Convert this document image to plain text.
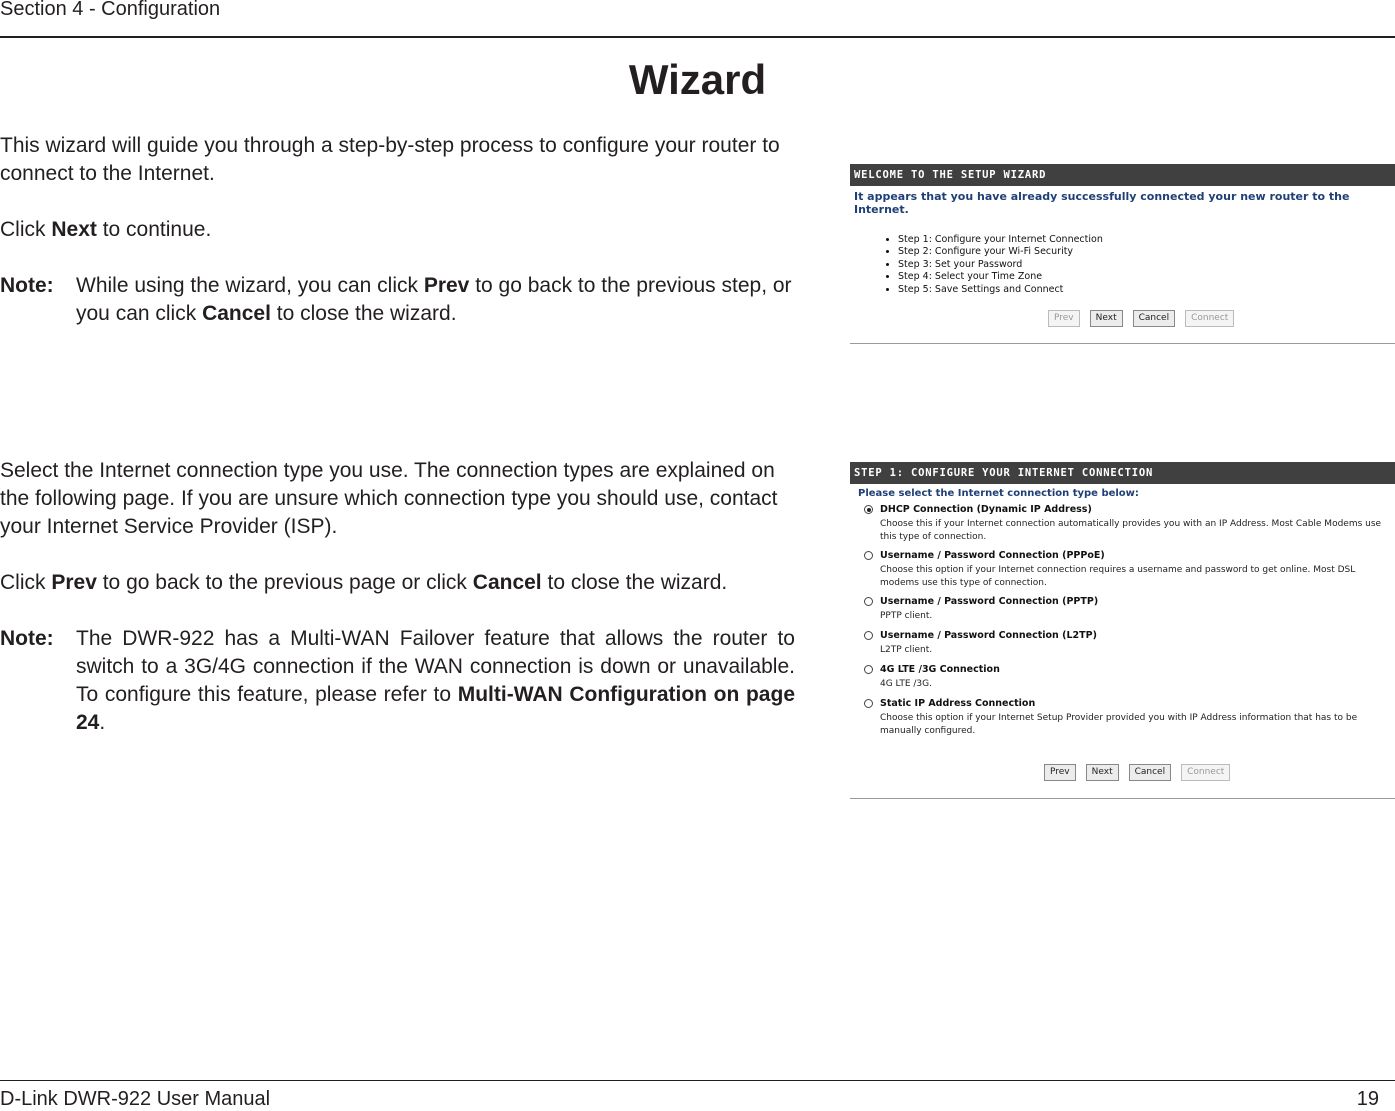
Section 4 - Configuration
Wizard
This wizard will guide you through a step-by-step process to configure your router to connect to the Internet.
Click Next to continue.
Note: While using the wizard, you can click Prev to go back to the previous step, or you can click Cancel to close the wizard.
WELCOME TO THE SETUP WIZARD
It appears that you have already successfully connected your new router to the Internet.
• Step 1: Configure your Internet Connection
• Step 2: Configure your Wi-Fi Security
• Step 3: Set your Password
• Step 4: Select your Time Zone
• Step 5: Save Settings and Connect
Prev	Next	Cancel	Connect
Select the Internet connection type you use. The connection types are explained on the following page. If you are unsure which connection type you should use, contact your Internet Service Provider (ISP).
Click Prev to go back to the previous page or click Cancel to close the wizard.
Note: The DWR-922 has a Multi-WAN Failover feature that allows the router to switch to a 3G/4G connection if the WAN connection is down or unavailable. To configure this feature, please refer to Multi-WAN Configuration on page 24.
STEP 1: CONFIGURE YOUR INTERNET CONNECTION
Please select the Internet connection type below:
DHCP Connection (Dynamic IP Address)
Choose this if your Internet connection automatically provides you with an IP Address. Most Cable Modems use this type of connection.
Username / Password Connection (PPPoE)
Choose this option if your Internet connection requires a username and password to get online. Most DSL modems use this type of connection.
Username / Password Connection (PPTP)
PPTP client.
Username / Password Connection (L2TP)
L2TP client.
4G LTE /3G Connection
4G LTE /3G.
Static IP Address Connection
Choose this option if your Internet Setup Provider provided you with IP Address information that has to be manually configured.
Prev	Next	Cancel	Connect
D-Link DWR-922 User Manual	19
